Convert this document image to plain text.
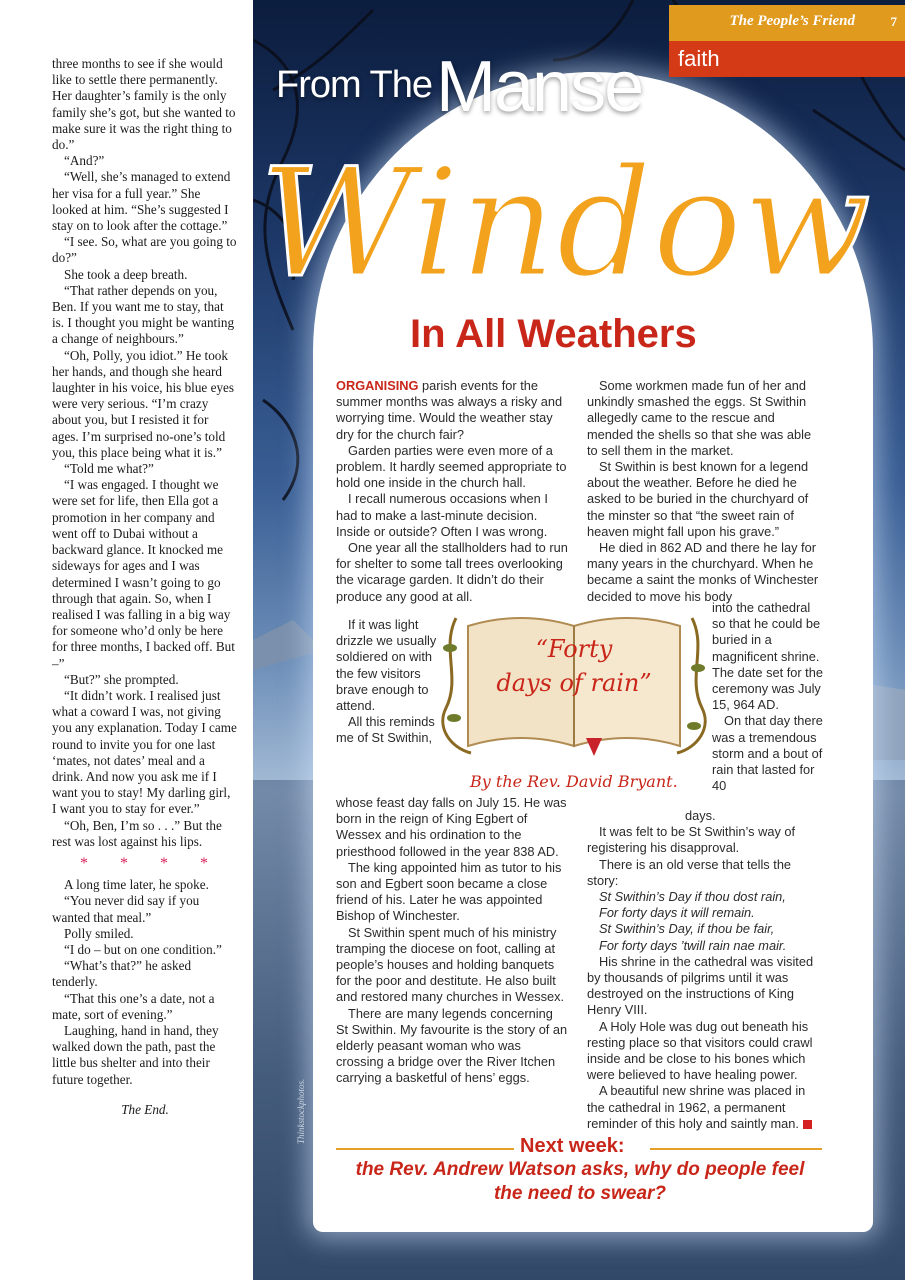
three months to see if she would like to settle there permanently. Her daughter’s family is the only family she’s got, but she wanted to make sure it was the right thing to do.”

“And?”

“Well, she’s managed to extend her visa for a full year.” She looked at him. “She’s suggested I stay on to look after the cottage.”

“I see. So, what are you going to do?”

She took a deep breath.

“That rather depends on you, Ben. If you want me to stay, that is. I thought you might be wanting a change of neighbours.”

“Oh, Polly, you idiot.” He took her hands, and though she heard laughter in his voice, his blue eyes were very serious. “I’m crazy about you, but I resisted it for ages. I’m surprised no-one’s told you, this place being what it is.”

“Told me what?”

“I was engaged. I thought we were set for life, then Ella got a promotion in her company and went off to Dubai without a backward glance. It knocked me sideways for ages and I was determined I wasn’t going to go through that again. So, when I realised I was falling in a big way for someone who’d only be here for three months, I backed off. But –”

“But?” she prompted.

“It didn’t work. I realised just what a coward I was, not giving you any explanation. Today I came round to invite you for one last ‘mates, not dates’ meal and a drink. And now you ask me if I want you to stay! My darling girl, I want you to stay for ever.”

“Oh, Ben, I’m so . . .” But the rest was lost against his lips.

* * * *

A long time later, he spoke.

“You never did say if you wanted that meal.”

Polly smiled.

“I do – but on one condition.”

“What’s that?” he asked tenderly.

“That this one’s a date, not a mate, sort of evening.”

Laughing, hand in hand, they walked down the path, past the little bus shelter and into their future together.

The End.

The People’s Friend	7
faith
From The Manse
Window
In All Weathers

ORGANISING parish events for the summer months was always a risky and worrying time. Would the weather stay dry for the church fair?

Garden parties were even more of a problem. It hardly seemed appropriate to hold one inside in the church hall.

I recall numerous occasions when I had to make a last-minute decision. Inside or outside? Often I was wrong.

One year all the stallholders had to run for shelter to some tall trees overlooking the vicarage garden. It didn’t do their produce any good at all.

If it was light drizzle we usually soldiered on with the few visitors brave enough to attend.

All this reminds me of St Swithin,

whose feast day falls on July 15. He was born in the reign of King Egbert of Wessex and his ordination to the priesthood followed in the year 838 AD.

The king appointed him as tutor to his son and Egbert soon became a close friend of his. Later he was appointed Bishop of Winchester.

St Swithin spent much of his ministry tramping the diocese on foot, calling at people’s houses and holding banquets for the poor and destitute. He also built and restored many churches in Wessex.

There are many legends concerning St Swithin. My favourite is the story of an elderly peasant woman who was crossing a bridge over the River Itchen carrying a basketful of hens’ eggs.

Some workmen made fun of her and unkindly smashed the eggs. St Swithin allegedly came to the rescue and mended the shells so that she was able to sell them in the market.

St Swithin is best known for a legend about the weather. Before he died he asked to be buried in the churchyard of the minster so that “the sweet rain of heaven might fall upon his grave.”

He died in 862 AD and there he lay for many years in the churchyard. When he became a saint the monks of Winchester decided to move his body

into the cathedral so that he could be buried in a magnificent shrine. The date set for the ceremony was July 15, 964 AD.

On that day there was a tremendous storm and a bout of rain that lasted for 40

days.

It was felt to be St Swithin’s way of registering his disapproval.

There is an old verse that tells the story:

St Swithin’s Day if thou dost rain,

For forty days it will remain.

St Swithin’s Day, if thou be fair,

For forty days ’twill rain nae mair.

His shrine in the cathedral was visited by thousands of pilgrims until it was destroyed on the instructions of King Henry VIII.

A Holy Hole was dug out beneath his resting place so that visitors could crawl inside and be close to his bones which were believed to have healing power.

A beautiful new shrine was placed in the cathedral in 1962, a permanent reminder of this holy and saintly man.

“Forty
days of rain”
By the Rev. David Bryant.
Next week:
the Rev. Andrew Watson asks, why do people feel the need to swear?
Thinkstockphotos.
